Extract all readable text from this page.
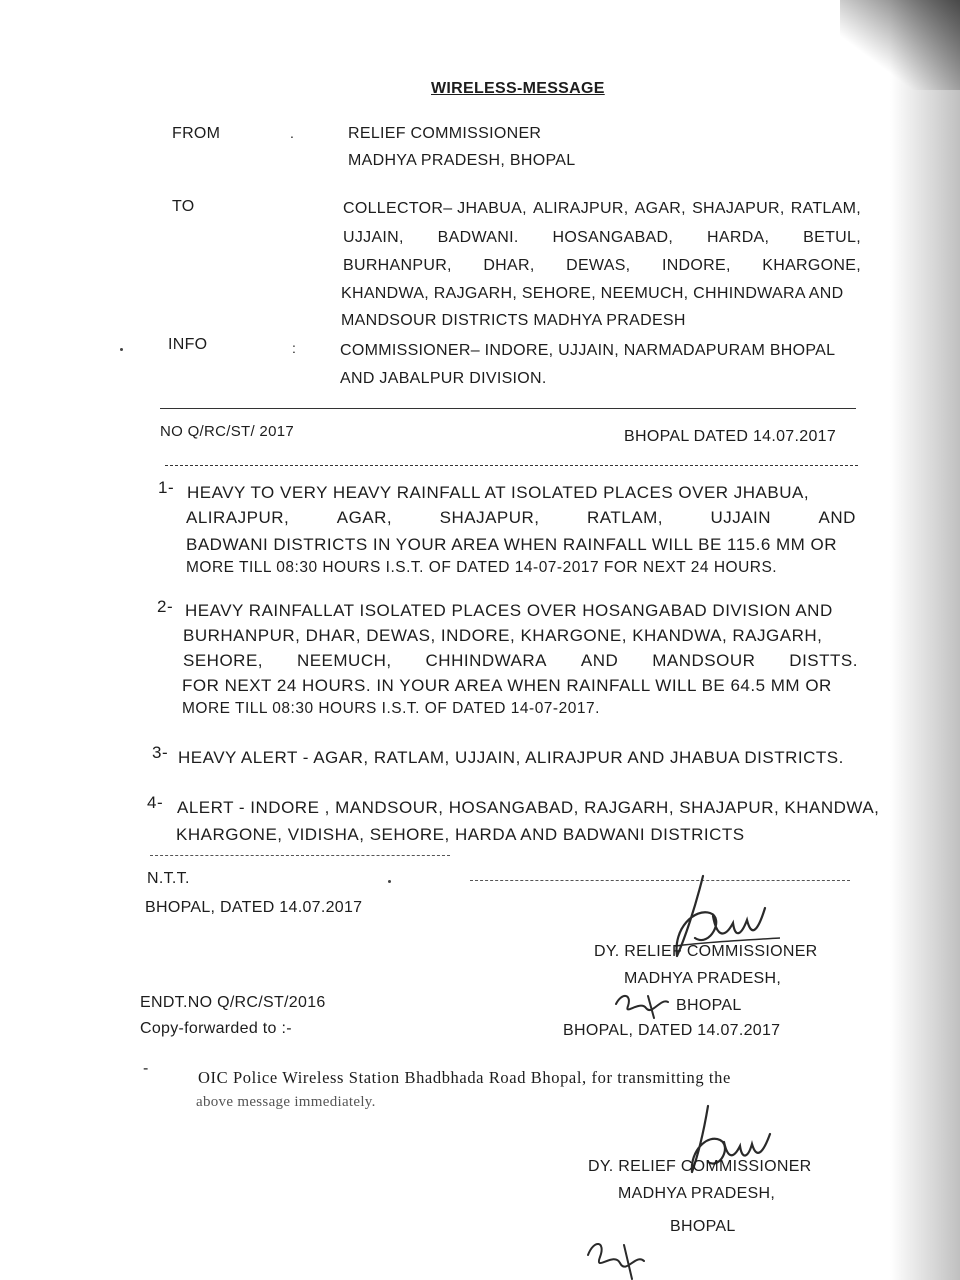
WIRELESS-MESSAGE
FROM	.	RELIEF COMMISSIONER
MADHYA PRADESH, BHOPAL
TO	COLLECTOR– JHABUA, ALIRAJPUR, AGAR, SHAJAPUR, RATLAM,
UJJAIN, BADWANI. HOSANGABAD, HARDA, BETUL,
BURHANPUR, DHAR, DEWAS, INDORE, KHARGONE,
KHANDWA, RAJGARH, SEHORE, NEEMUCH, CHHINDWARA AND
MANDSOUR DISTRICTS MADHYA PRADESH
INFO	:	COMMISSIONER– INDORE, UJJAIN, NARMADAPURAM BHOPAL
AND JABALPUR DIVISION.
NO Q/RC/ST/ 2017	BHOPAL DATED 14.07.2017
1- HEAVY TO VERY HEAVY RAINFALL AT ISOLATED PLACES OVER JHABUA,
ALIRAJPUR,	AGAR,	SHAJAPUR,	RATLAM,	UJJAIN	AND
BADWANI DISTRICTS IN YOUR AREA WHEN RAINFALL WILL BE 115.6 MM OR
MORE TILL 08:30 HOURS I.S.T. OF DATED 14-07-2017 FOR NEXT 24 HOURS.
2- HEAVY RAINFALLAT ISOLATED PLACES OVER HOSANGABAD DIVISION AND
BURHANPUR, DHAR, DEWAS, INDORE, KHARGONE, KHANDWA, RAJGARH,
SEHORE, NEEMUCH, CHHINDWARA AND MANDSOUR DISTTS.
FOR NEXT 24 HOURS. IN YOUR AREA WHEN RAINFALL WILL BE 64.5 MM OR
MORE TILL 08:30 HOURS I.S.T. OF DATED 14-07-2017.
3- HEAVY ALERT - AGAR, RATLAM, UJJAIN, ALIRAJPUR AND JHABUA DISTRICTS.
4- ALERT - INDORE , MANDSOUR, HOSANGABAD, RAJGARH, SHAJAPUR, KHANDWA,
KHARGONE, VIDISHA, SEHORE, HARDA AND BADWANI DISTRICTS
N.T.T.
BHOPAL, DATED 14.07.2017
DY. RELIEF COMMISSIONER
MADHYA PRADESH,
BHOPAL
BHOPAL, DATED 14.07.2017
ENDT.NO Q/RC/ST/2016
Copy-forwarded to :-
-	OIC Police Wireless Station Bhadbhada Road Bhopal, for transmitting the
above message immediately.
DY. RELIEF COMMISSIONER
MADHYA PRADESH,
BHOPAL
